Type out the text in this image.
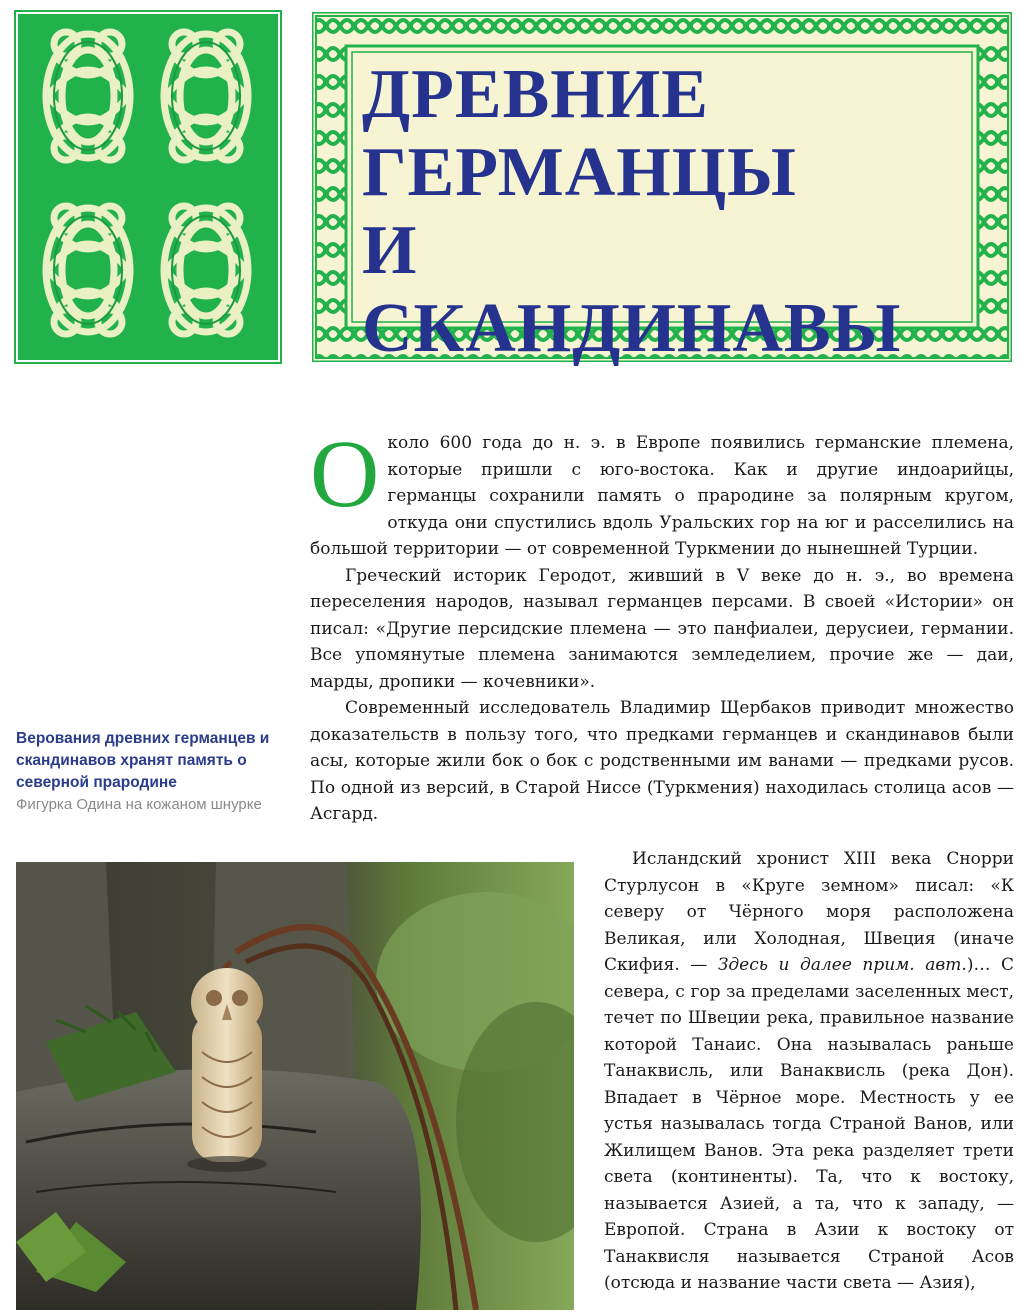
ДРЕВНИЕ
ГЕРМАНЦЫ
И СКАНДИНАВЫ
Верования древних германцев и скандинавов хранят память о северной прародине
Фигурка Одина на кожаном шнурке

Около 600 года до н. э. в Европе появились германские племена, которые пришли с юго-востока. Как и другие индоарийцы, германцы сохранили память о прародине за полярным кругом, откуда они спустились вдоль Уральских гор на юг и расселились на большой территории — от современной Туркмении до нынешней Турции.

Греческий историк Геродот, живший в V веке до н. э., во времена переселения народов, называл германцев персами. В своей «Истории» он писал: «Другие персидские племена — это панфиалеи, дерусиеи, германии. Все упомянутые племена занимаются земледелием, прочие же — даи, марды, дропики — кочевники».

Современный исследователь Владимир Щербаков приводит множество доказательств в пользу того, что предками германцев и скандинавов были асы, которые жили бок о бок с родственными им ванами — предками русов. По одной из версий, в Старой Ниссе (Туркмения) находилась столица асов — Асгард.

Исландский хронист XIII века Снорри Стурлусон в «Круге земном» писал: «К северу от Чёрного моря расположена Великая, или Холодная, Швеция (иначе Скифия. — Здесь и далее прим. авт.)… С севера, с гор за пределами заселенных мест, течет по Швеции река, правильное название которой Танаис. Она называлась раньше Танаквисль, или Ванаквисль (река Дон). Впадает в Чёрное море. Местность у ее устья называлась тогда Страной Ванов, или Жилищем Ванов. Эта река разделяет трети света (континенты). Та, что к востоку, называется Азией, а та, что к западу, — Европой. Страна в Азии к востоку от Танаквисля называется Страной Асов (отсюда и название части света — Азия),
